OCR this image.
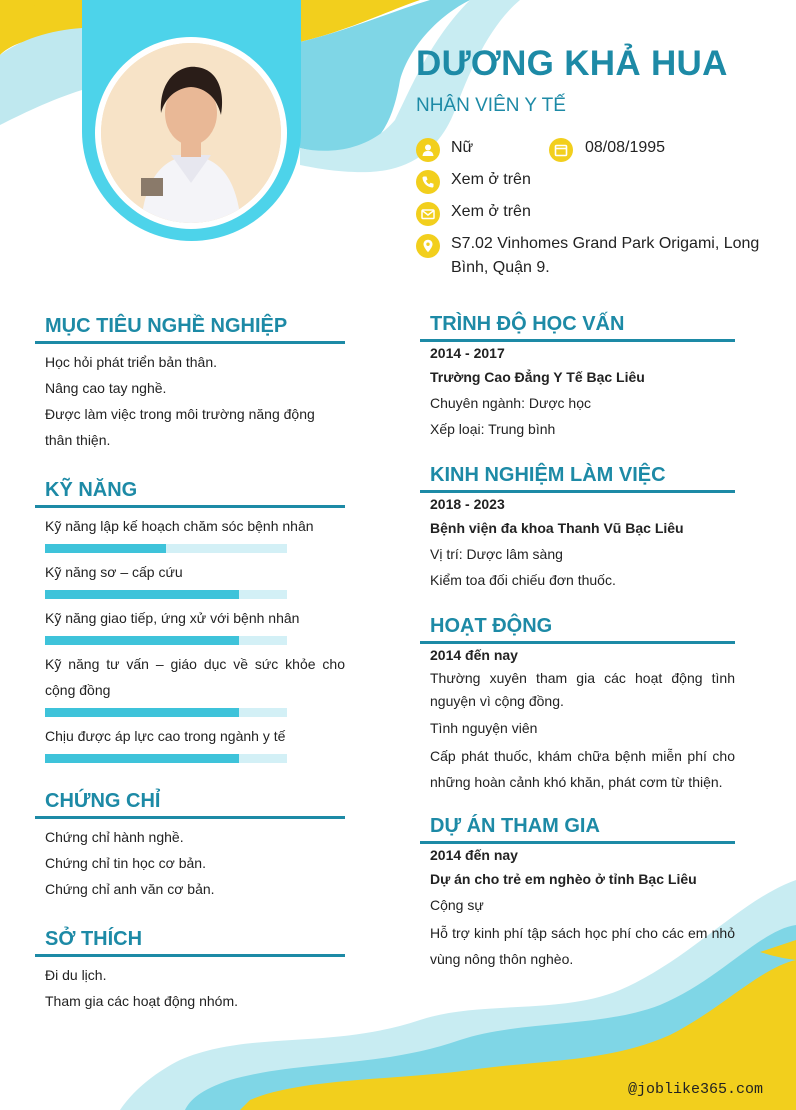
DƯƠNG KHẢ HUA
NHÂN VIÊN Y TẾ
Nữ	08/08/1995
Xem ở trên
Xem ở trên
S7.02 Vinhomes Grand Park Origami, Long Bình, Quận 9.
MỤC TIÊU NGHỀ NGHIỆP

Học hỏi phát triển bản thân.

Nâng cao tay nghề.

Được làm việc trong môi trường năng động thân thiện.

KỸ NĂNG
Kỹ năng lập kế hoạch chăm sóc bệnh nhân
Kỹ năng sơ – cấp cứu
Kỹ năng giao tiếp, ứng xử với bệnh nhân
Kỹ năng tư vấn – giáo dục về sức khỏe cho cộng đồng
Chịu được áp lực cao trong ngành y tế
CHỨNG CHỈ

Chứng chỉ hành nghề.

Chứng chỉ tin học cơ bản.

Chứng chỉ anh văn cơ bản.

SỞ THÍCH

Đi du lịch.

Tham gia các hoạt động nhóm.

TRÌNH ĐỘ HỌC VẤN
2014 - 2017
Trường Cao Đẳng Y Tế Bạc Liêu

Chuyên ngành: Dược học

Xếp loại: Trung bình

KINH NGHIỆM LÀM VIỆC
2018 - 2023
Bệnh viện đa khoa Thanh Vũ Bạc Liêu

Vị trí: Dược lâm sàng

Kiểm toa đối chiếu đơn thuốc.

HOẠT ĐỘNG
2014 đến nay

Thường xuyên tham gia các hoạt động tình nguyện vì cộng đồng.

Tình nguyện viên

Cấp phát thuốc, khám chữa bệnh miễn phí cho những hoàn cảnh khó khăn, phát cơm từ thiện.

DỰ ÁN THAM GIA
2014 đến nay
Dự án cho trẻ em nghèo ở tỉnh Bạc Liêu

Cộng sự

Hỗ trợ kinh phí tập sách học phí cho các em nhỏ vùng nông thôn nghèo.

@joblike365.com
